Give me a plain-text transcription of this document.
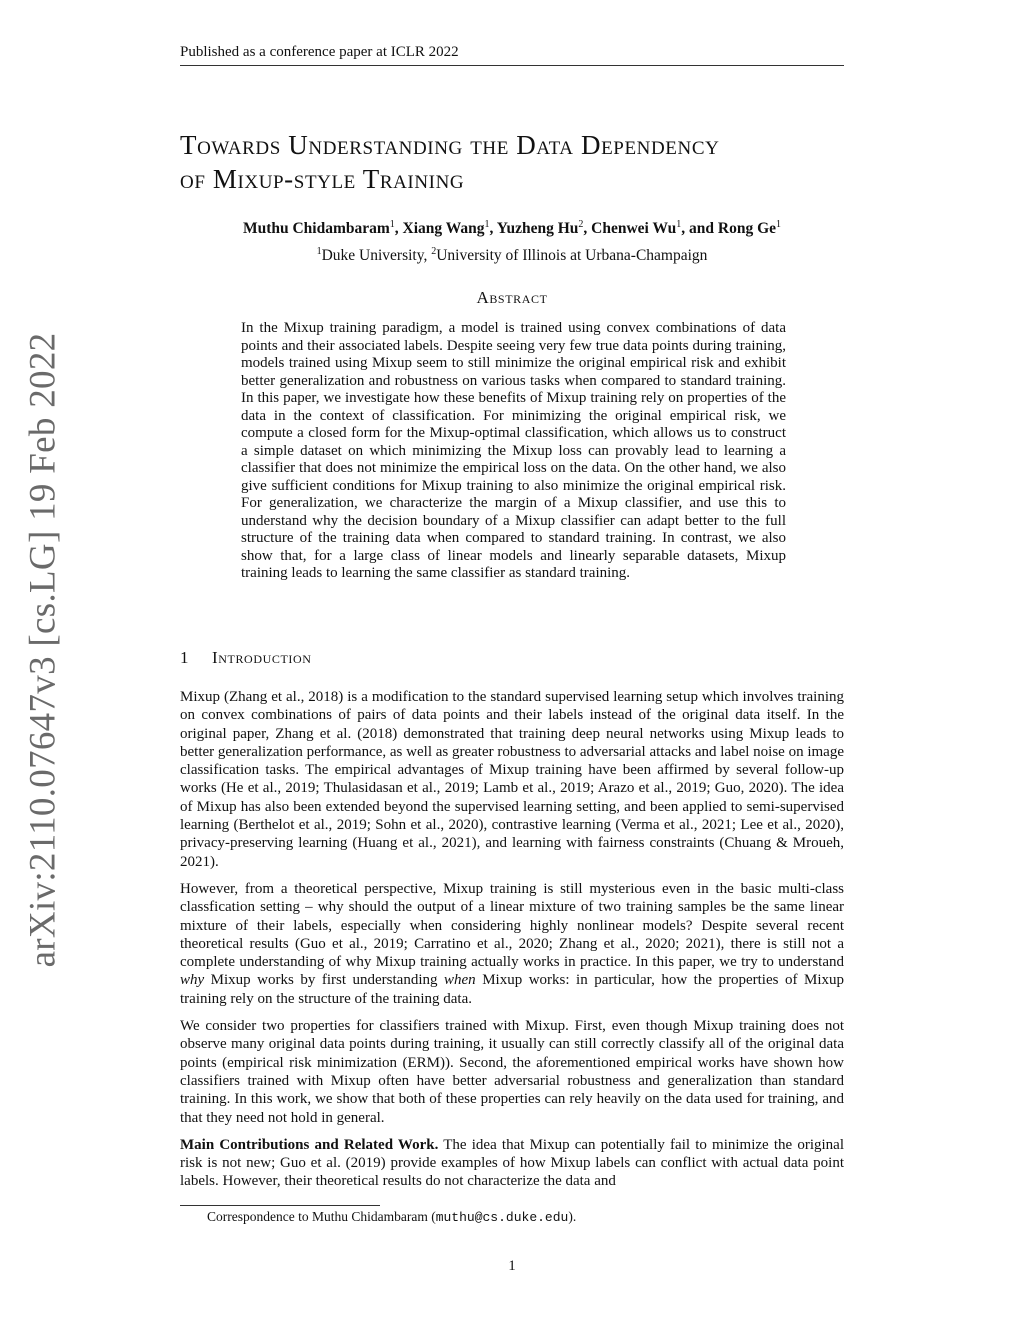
Published as a conference paper at ICLR 2022
arXiv:2110.07647v3 [cs.LG] 19 Feb 2022
Towards Understanding the Data Dependency
of Mixup-style Training
Muthu Chidambaram$^1$, Xiang Wang$^1$, Yuzheng Hu$^2$, Chenwei Wu$^1$, and Rong Ge$^1$
$^1$Duke University, $^2$University of Illinois at Urbana-Champaign
Abstract

In the Mixup training paradigm, a model is trained using convex combinations of data points and their associated labels. Despite seeing very few true data points during training, models trained using Mixup seem to still minimize the original empirical risk and exhibit better generalization and robustness on various tasks when compared to standard training. In this paper, we investigate how these benefits of Mixup training rely on properties of the data in the context of classification. For minimizing the original empirical risk, we compute a closed form for the Mixup-optimal classification, which allows us to construct a simple dataset on which minimizing the Mixup loss can provably lead to learning a classifier that does not minimize the empirical loss on the data. On the other hand, we also give sufficient conditions for Mixup training to also minimize the original empirical risk. For generalization, we characterize the margin of a Mixup classifier, and use this to understand why the decision boundary of a Mixup classifier can adapt better to the full structure of the training data when compared to standard training. In contrast, we also show that, for a large class of linear models and linearly separable datasets, Mixup training leads to learning the same classifier as standard training.

1 Introduction

Mixup (Zhang et al., 2018) is a modification to the standard supervised learning setup which involves training on convex combinations of pairs of data points and their labels instead of the original data itself. In the original paper, Zhang et al. (2018) demonstrated that training deep neural networks using Mixup leads to better generalization performance, as well as greater robustness to adversarial attacks and label noise on image classification tasks. The empirical advantages of Mixup training have been affirmed by several follow-up works (He et al., 2019; Thulasidasan et al., 2019; Lamb et al., 2019; Arazo et al., 2019; Guo, 2020). The idea of Mixup has also been extended beyond the supervised learning setting, and been applied to semi-supervised learning (Berthelot et al., 2019; Sohn et al., 2020), contrastive learning (Verma et al., 2021; Lee et al., 2020), privacy-preserving learning (Huang et al., 2021), and learning with fairness constraints (Chuang & Mroueh, 2021).

However, from a theoretical perspective, Mixup training is still mysterious even in the basic multi-class classfication setting – why should the output of a linear mixture of two training samples be the same linear mixture of their labels, especially when considering highly nonlinear models? Despite several recent theoretical results (Guo et al., 2019; Carratino et al., 2020; Zhang et al., 2020; 2021), there is still not a complete understanding of why Mixup training actually works in practice. In this paper, we try to understand why Mixup works by first understanding when Mixup works: in particular, how the properties of Mixup training rely on the structure of the training data.

We consider two properties for classifiers trained with Mixup. First, even though Mixup training does not observe many original data points during training, it usually can still correctly classify all of the original data points (empirical risk minimization (ERM)). Second, the aforementioned empirical works have shown how classifiers trained with Mixup often have better adversarial robustness and generalization than standard training. In this work, we show that both of these properties can rely heavily on the data used for training, and that they need not hold in general.

Main Contributions and Related Work. The idea that Mixup can potentially fail to minimize the original risk is not new; Guo et al. (2019) provide examples of how Mixup labels can conflict with actual data point labels. However, their theoretical results do not characterize the data and

Correspondence to Muthu Chidambaram (muthu@cs.duke.edu).
1
